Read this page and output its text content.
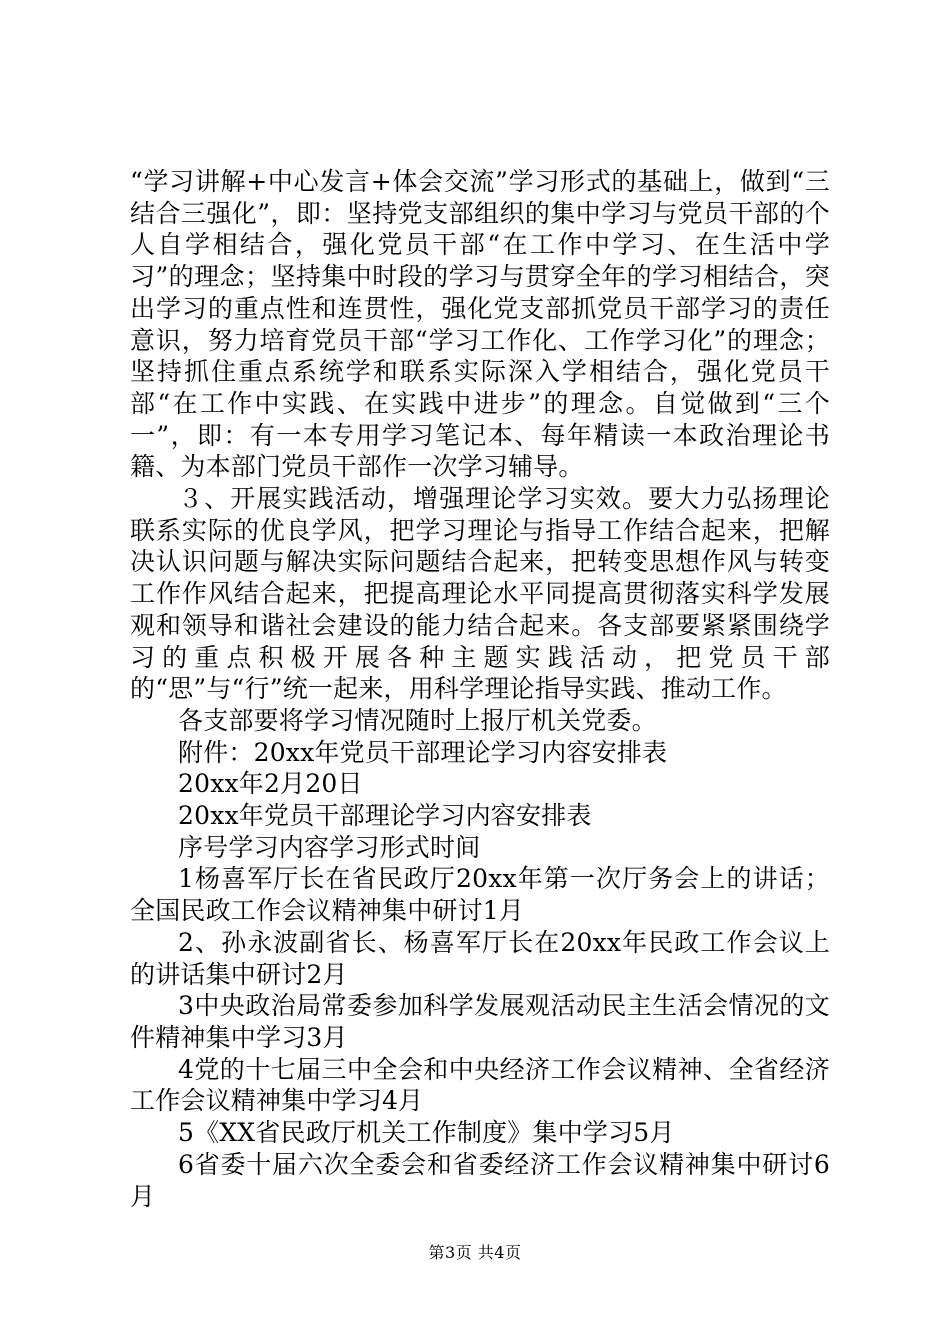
“学习讲解+中心发言+体会交流”学习形式的基础上，做到“三结合三强化”，即：坚持党支部组织的集中学习与党员干部的个人自学相结合，强化党员干部“在工作中学习、在生活中学习”的理念；坚持集中时段的学习与贯穿全年的学习相结合，突出学习的重点性和连贯性，强化党支部抓党员干部学习的责任意识，努力培育党员干部“学习工作化、工作学习化”的理念；坚持抓住重点系统学和联系实际深入学相结合，强化党员干部“在工作中实践、在实践中进步”的理念。自觉做到“三个一”，即：有一本专用学习笔记本、每年精读一本政治理论书籍、为本部门党员干部作一次学习辅导。

３、开展实践活动，增强理论学习实效。要大力弘扬理论联系实际的优良学风，把学习理论与指导工作结合起来，把解决认识问题与解决实际问题结合起来，把转变思想作风与转变工作作风结合起来，把提高理论水平同提高贯彻落实科学发展观和领导和谐社会建设的能力结合起来。各支部要紧紧围绕学习的重点积极开展各种主题实践活动，把党员干部的“思”与“行”统一起来，用科学理论指导实践、推动工作。

各支部要将学习情况随时上报厅机关党委。

附件：20xx年党员干部理论学习内容安排表

20xx年2月20日

20xx年党员干部理论学习内容安排表

序号学习内容学习形式时间

1杨喜军厅长在省民政厅20xx年第一次厅务会上的讲话；全国民政工作会议精神集中研讨1月

2、孙永波副省长、杨喜军厅长在20xx年民政工作会议上的讲话集中研讨2月

3中央政治局常委参加科学发展观活动民主生活会情况的文件精神集中学习3月

4党的十七届三中全会和中央经济工作会议精神、全省经济工作会议精神集中学习4月

5《XX省民政厅机关工作制度》集中学习5月

6省委十届六次全委会和省委经济工作会议精神集中研讨6月

第3页 共4页
